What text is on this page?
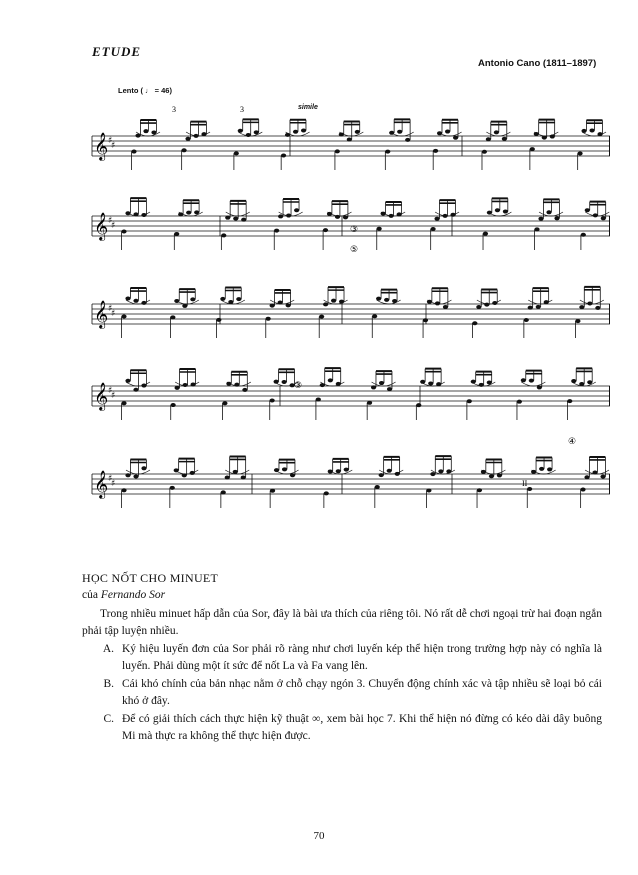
ETUDE
Antonio Cano (1811–1897)
Lento ( ♩ = 46)
simile
𝄞 ♯
♯
𝄞 ♯
♯
𝄞 ♯
♯
𝄞 ♯
♯
𝄞 ♯
♯
3	3
③
⑤
③
④
II
HỌC NỐT CHO MINUET
của Fernando Sor
Trong nhiều minuet hấp dẫn của Sor, đây là bài ưa thích của riêng tôi. Nó rất dễ chơi ngoại trừ hai đoạn ngắn phải tập luyện nhiều.
A. Ký hiệu luyến đơn của Sor phải rõ ràng như chơi luyến kép thể hiện trong trường hợp này có nghĩa là luyến. Phải dùng một ít sức để nốt La và Fa vang lên.
B. Cái khó chính của bản nhạc nằm ở chỗ chạy ngón 3. Chuyển động chính xác và tập nhiều sẽ loại bỏ cái khó ở đây.
C. Để có giải thích cách thực hiện kỹ thuật ∞, xem bài học 7. Khi thể hiện nó đừng có kéo dài dây buông Mi mà thực ra không thể thực hiện được.
70
